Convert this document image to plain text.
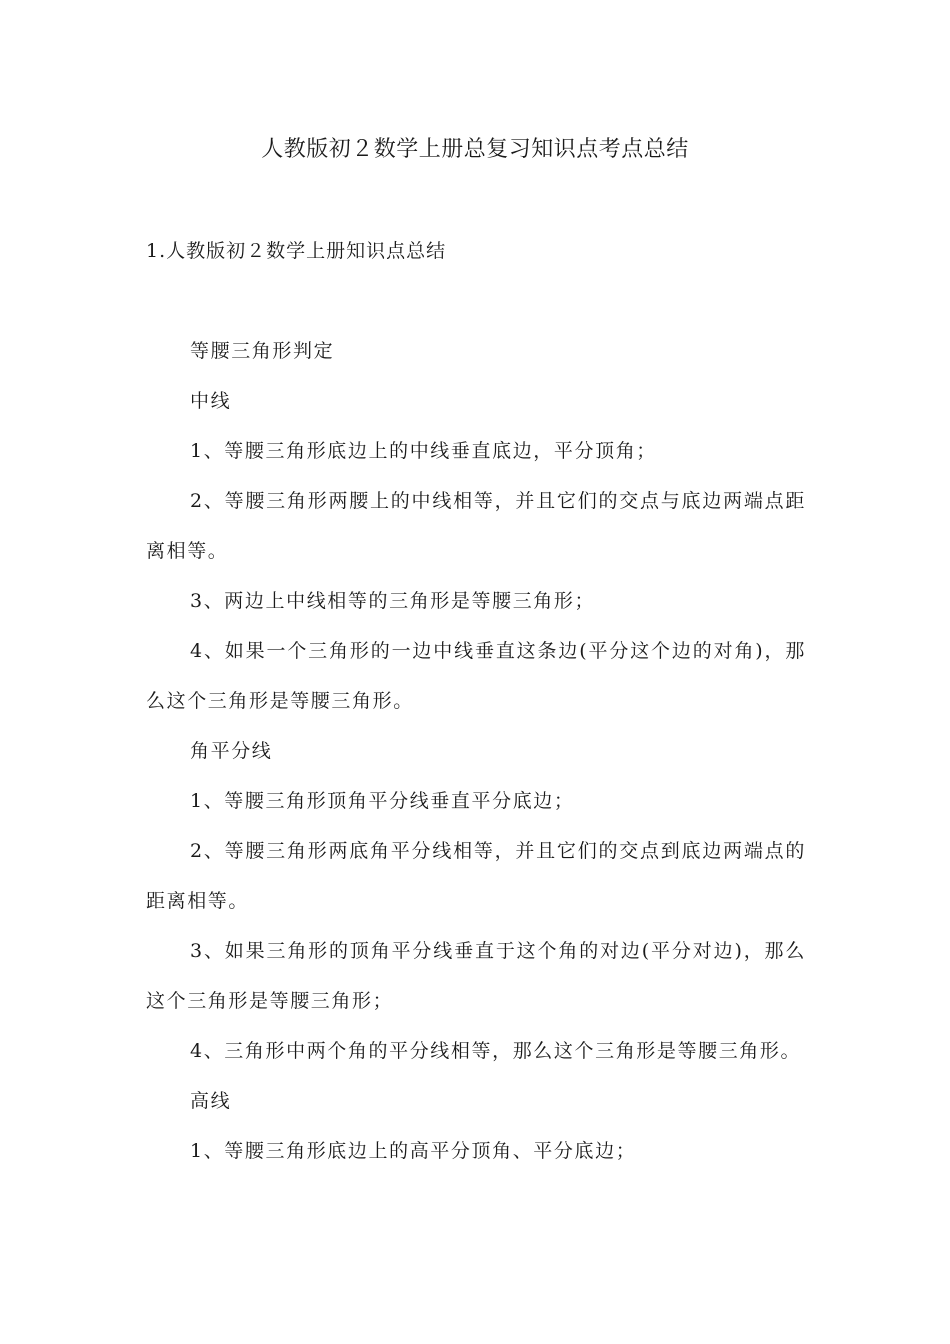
人教版初２数学上册总复习知识点考点总结
1.人教版初２数学上册知识点总结

等腰三角形判定

中线

1、等腰三角形底边上的中线垂直底边，平分顶角；

2、等腰三角形两腰上的中线相等，并且它们的交点与底边两端点距离相等。

3、两边上中线相等的三角形是等腰三角形；

4、如果一个三角形的一边中线垂直这条边(平分这个边的对角)，那么这个三角形是等腰三角形。

角平分线

1、等腰三角形顶角平分线垂直平分底边；

2、等腰三角形两底角平分线相等，并且它们的交点到底边两端点的距离相等。

3、如果三角形的顶角平分线垂直于这个角的对边(平分对边)，那么这个三角形是等腰三角形；

4、三角形中两个角的平分线相等，那么这个三角形是等腰三角形。

高线

1、等腰三角形底边上的高平分顶角、平分底边；
